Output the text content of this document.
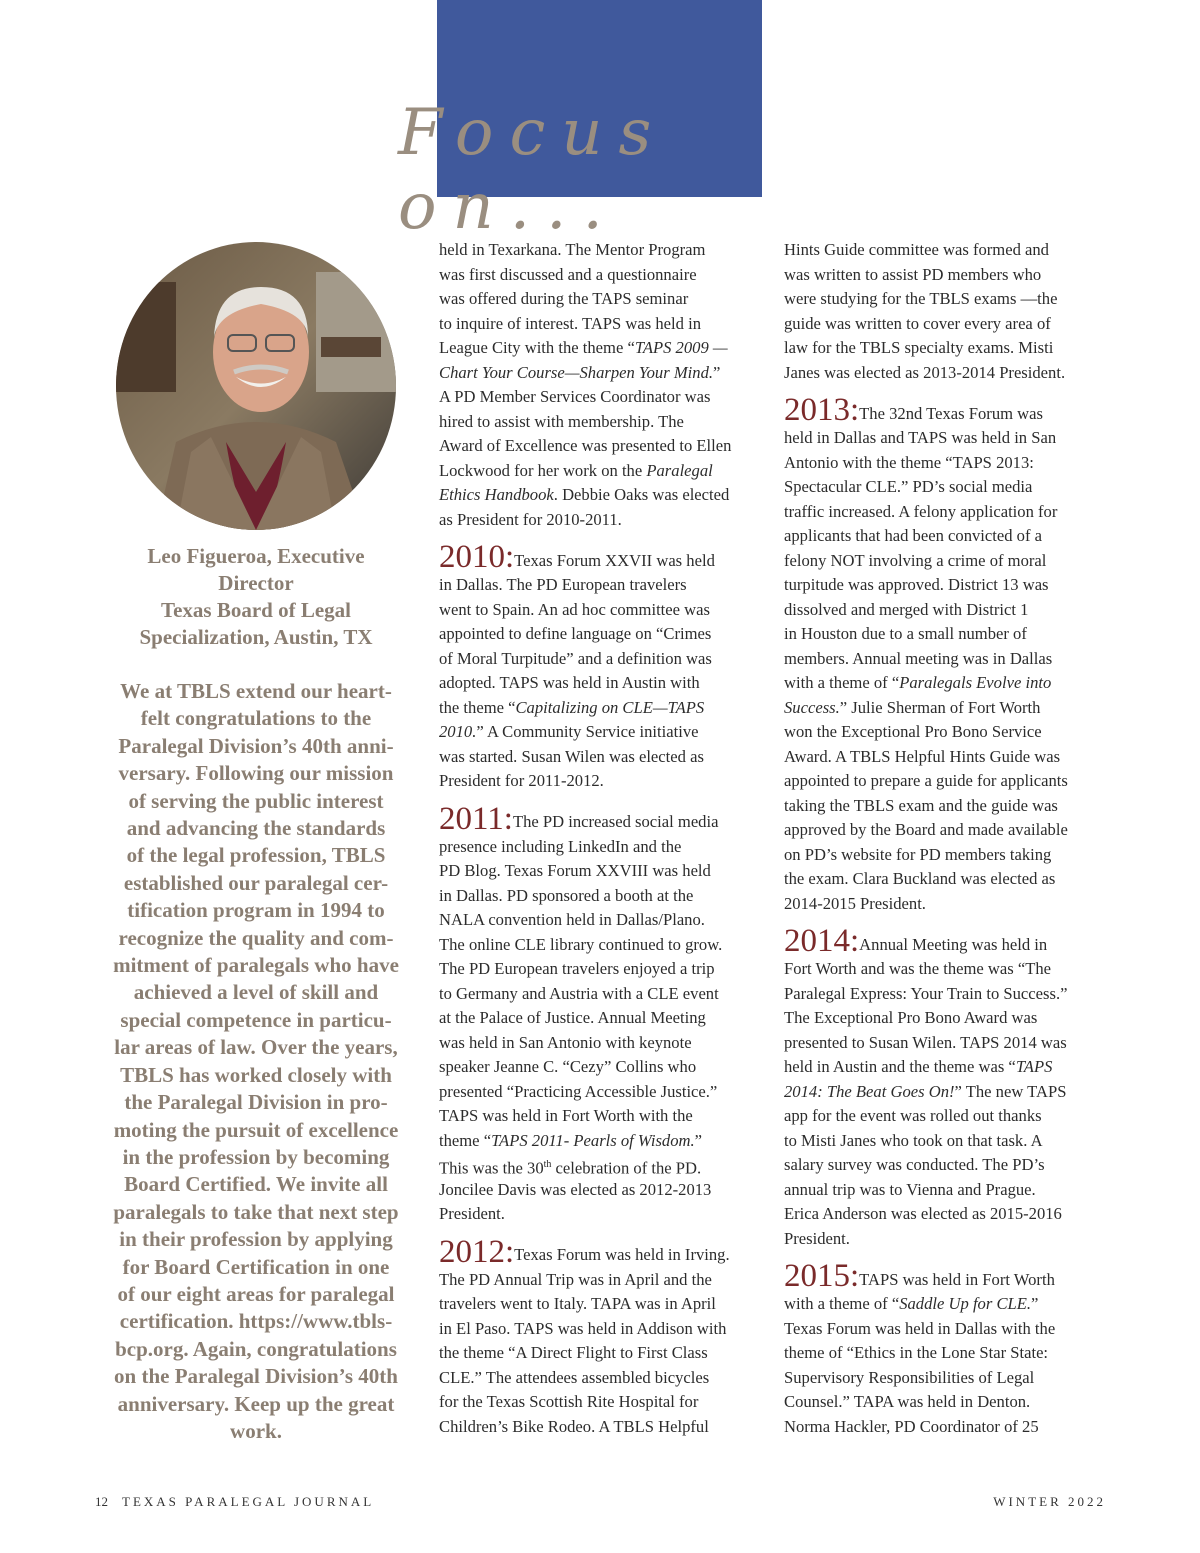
Focus on...
Leo Figueroa, Executive
Director
Texas Board of Legal
Specialization, Austin, TX
We at TBLS extend our heart-
felt congratulations to the
Paralegal Division’s 40th anni-
versary. Following our mission
of serving the public interest
and advancing the standards
of the legal profession, TBLS
established our paralegal cer-
tification program in 1994 to
recognize the quality and com-
mitment of paralegals who have
achieved a level of skill and
special competence in particu-
lar areas of law. Over the years,
TBLS has worked closely with
the Paralegal Division in pro-
moting the pursuit of excellence
in the profession by becoming
Board Certified. We invite all
paralegals to take that next step
in their profession by applying
for Board Certification in one
of our eight areas for paralegal
certification. https://www.tbls-
bcp.org. Again, congratulations
on the Paralegal Division’s 40th
anniversary. Keep up the great
work.
held in Texarkana. The Mentor Program
was first discussed and a questionnaire
was offered during the TAPS seminar
to inquire of interest. TAPS was held in
League City with the theme “TAPS 2009 —
Chart Your Course—Sharpen Your Mind.”
A PD Member Services Coordinator was
hired to assist with membership. The
Award of Excellence was presented to Ellen
Lockwood for her work on the Paralegal
Ethics Handbook. Debbie Oaks was elected
as President for 2010-2011.
2010: Texas Forum XXVII was held
in Dallas. The PD European travelers
went to Spain. An ad hoc committee was
appointed to define language on “Crimes
of Moral Turpitude” and a definition was
adopted. TAPS was held in Austin with
the theme “Capitalizing on CLE—TAPS
2010.” A Community Service initiative
was started. Susan Wilen was elected as
President for 2011-2012.
2011: The PD increased social media
presence including LinkedIn and the
PD Blog. Texas Forum XXVIII was held
in Dallas. PD sponsored a booth at the
NALA convention held in Dallas/Plano.
The online CLE library continued to grow.
The PD European travelers enjoyed a trip
to Germany and Austria with a CLE event
at the Palace of Justice. Annual Meeting
was held in San Antonio with keynote
speaker Jeanne C. “Cezy” Collins who
presented “Practicing Accessible Justice.”
TAPS was held in Fort Worth with the
theme “TAPS 2011- Pearls of Wisdom.”
This was the 30th celebration of the PD.
Joncilee Davis was elected as 2012-2013
President.
2012: Texas Forum was held in Irving.
The PD Annual Trip was in April and the
travelers went to Italy. TAPA was in April
in El Paso. TAPS was held in Addison with
the theme “A Direct Flight to First Class
CLE.” The attendees assembled bicycles
for the Texas Scottish Rite Hospital for
Children’s Bike Rodeo. A TBLS Helpful
Hints Guide committee was formed and
was written to assist PD members who
were studying for the TBLS exams —the
guide was written to cover every area of
law for the TBLS specialty exams. Misti
Janes was elected as 2013-2014 President.
2013: The 32nd Texas Forum was
held in Dallas and TAPS was held in San
Antonio with the theme “TAPS 2013:
Spectacular CLE.” PD’s social media
traffic increased. A felony application for
applicants that had been convicted of a
felony NOT involving a crime of moral
turpitude was approved. District 13 was
dissolved and merged with District 1
in Houston due to a small number of
members. Annual meeting was in Dallas
with a theme of “Paralegals Evolve into
Success.” Julie Sherman of Fort Worth
won the Exceptional Pro Bono Service
Award. A TBLS Helpful Hints Guide was
appointed to prepare a guide for applicants
taking the TBLS exam and the guide was
approved by the Board and made available
on PD’s website for PD members taking
the exam. Clara Buckland was elected as
2014-2015 President.
2014: Annual Meeting was held in
Fort Worth and was the theme was “The
Paralegal Express: Your Train to Success.”
The Exceptional Pro Bono Award was
presented to Susan Wilen. TAPS 2014 was
held in Austin and the theme was “TAPS
2014: The Beat Goes On!” The new TAPS
app for the event was rolled out thanks
to Misti Janes who took on that task. A
salary survey was conducted. The PD’s
annual trip was to Vienna and Prague.
Erica Anderson was elected as 2015-2016
President.
2015: TAPS was held in Fort Worth
with a theme of “Saddle Up for CLE.”
Texas Forum was held in Dallas with the
theme of “Ethics in the Lone Star State:
Supervisory Responsibilities of Legal
Counsel.” TAPA was held in Denton.
Norma Hackler, PD Coordinator of 25
12 TEXAS PARALEGAL JOURNAL	WINTER 2022
